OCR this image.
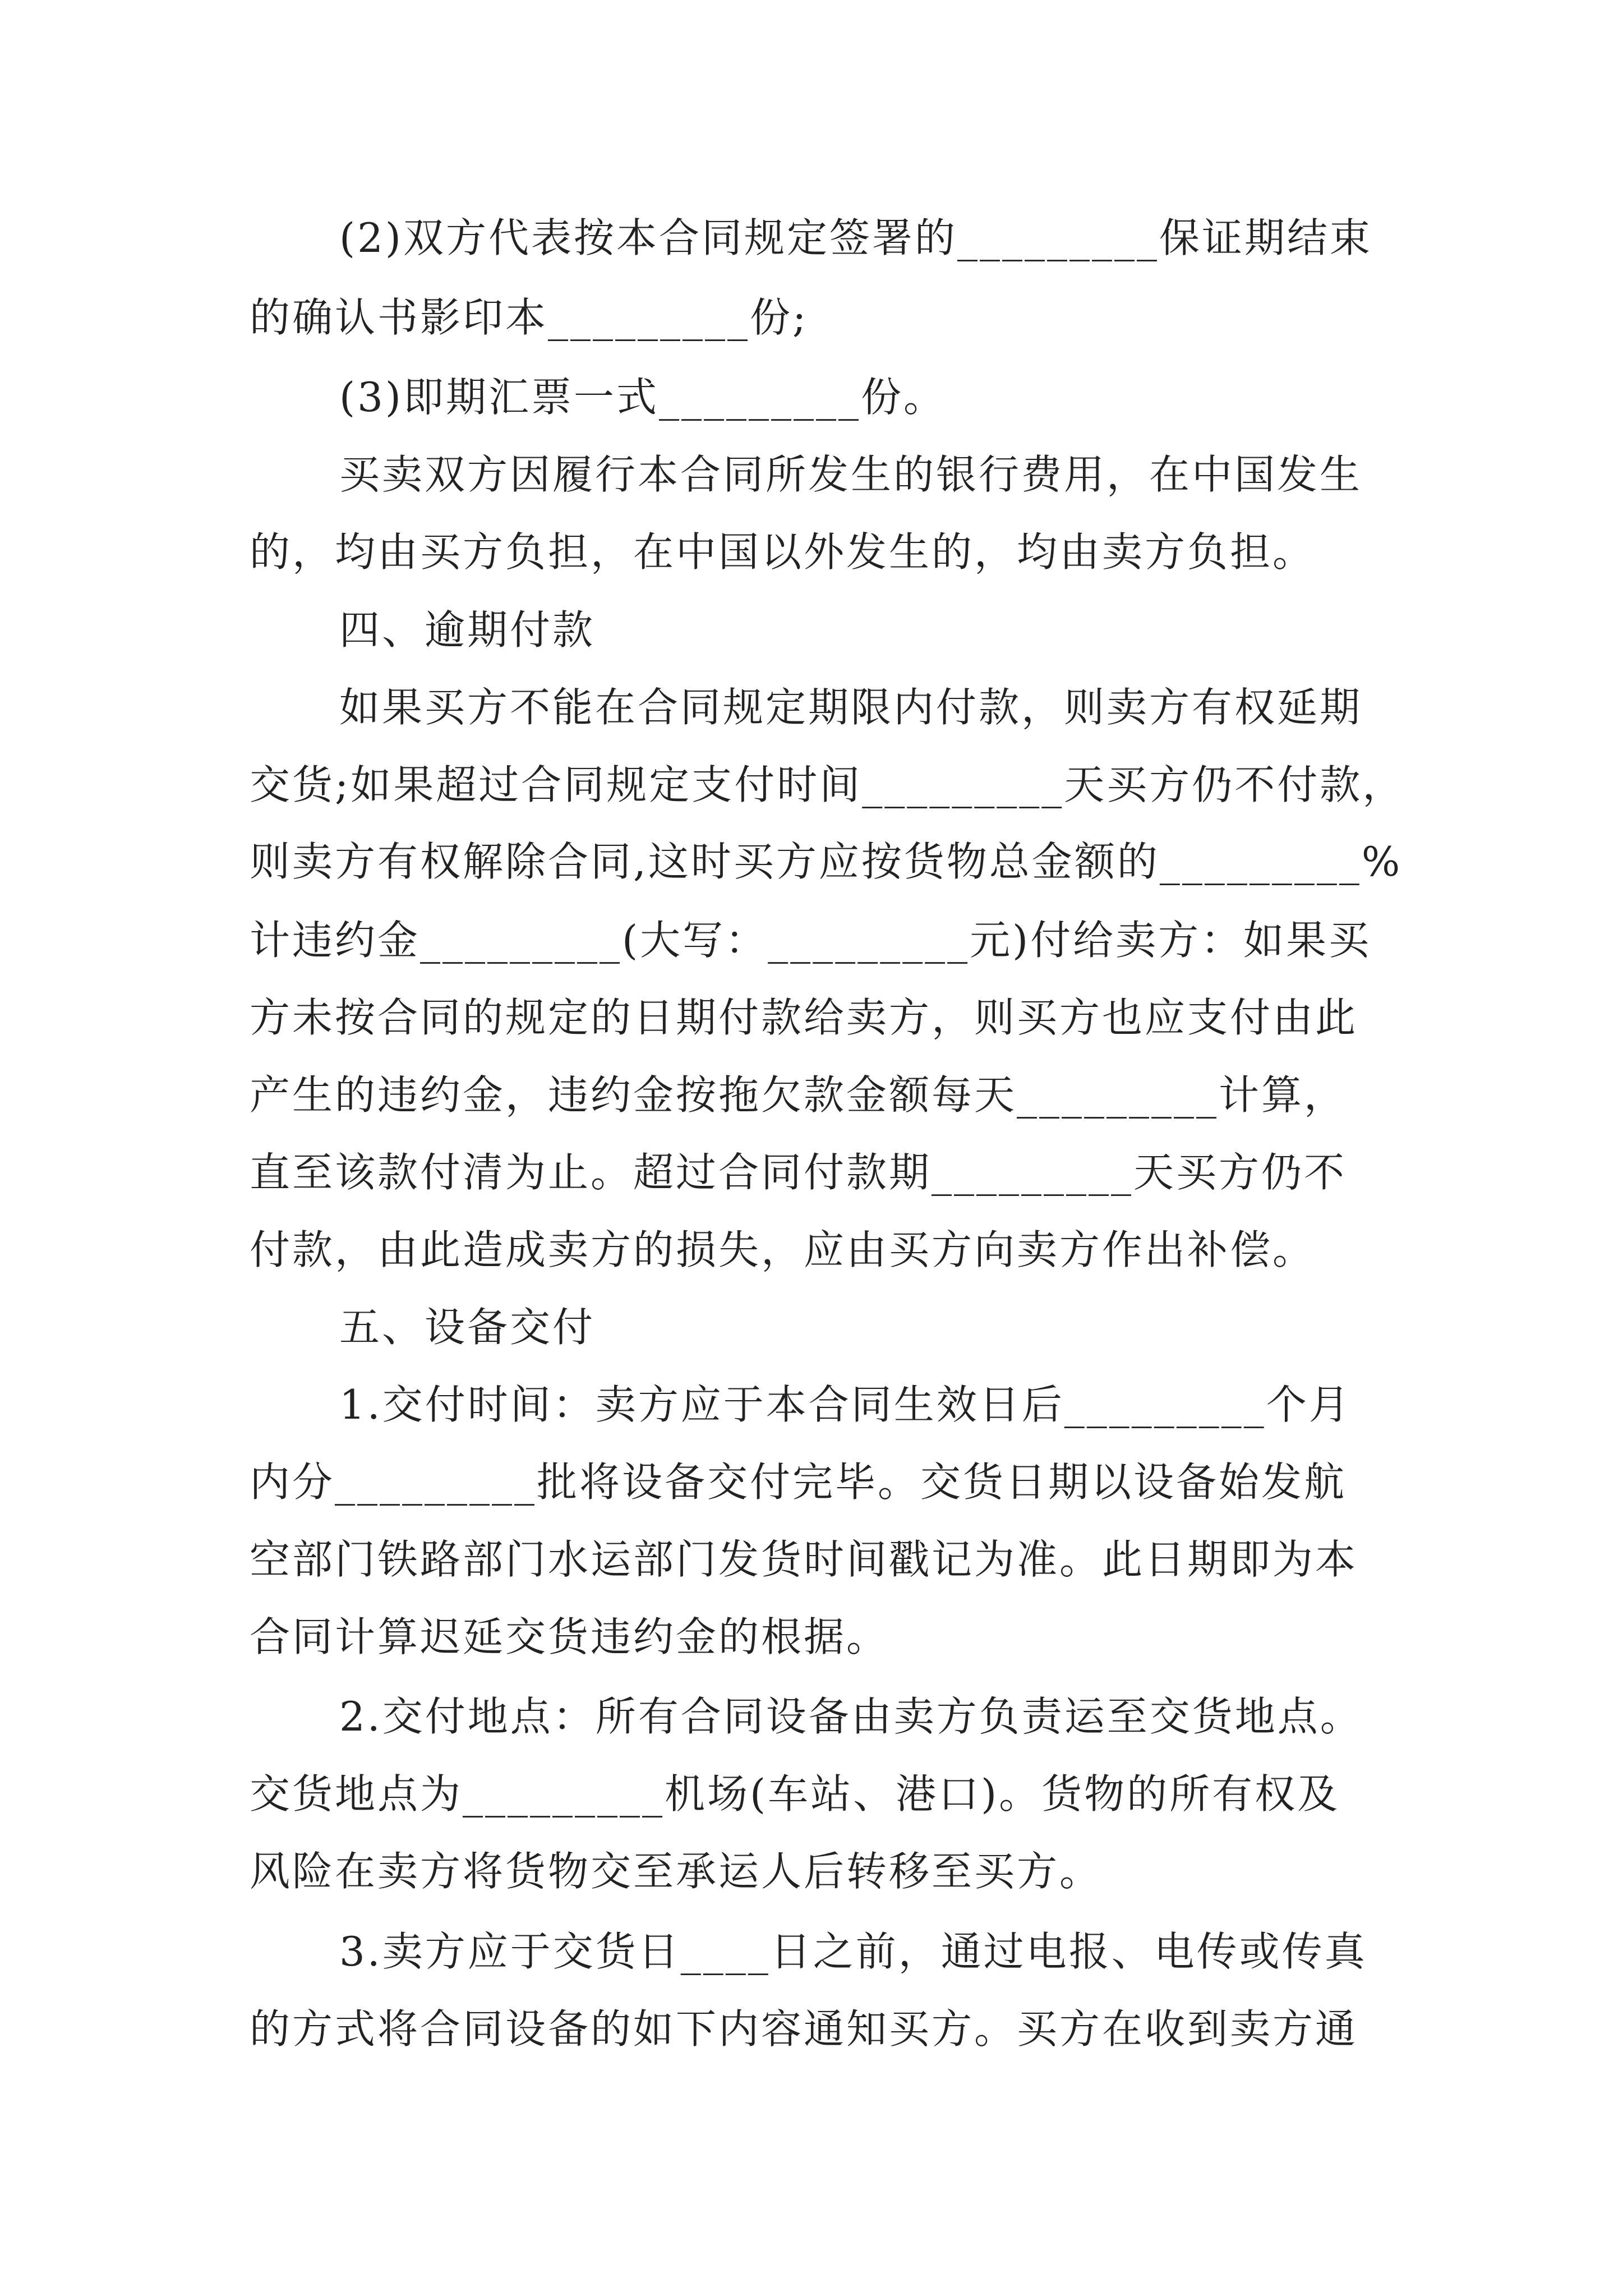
(2)双方代表按本合同规定签署的_________保证期结束
的确认书影印本_________份;
(3)即期汇票一式_________份。
买卖双方因履行本合同所发生的银行费用，在中国发生
的，均由买方负担，在中国以外发生的，均由卖方负担。
四、逾期付款
如果买方不能在合同规定期限内付款，则卖方有权延期
交货;如果超过合同规定支付时间_________天买方仍不付款，
则卖方有权解除合同,这时买方应按货物总金额的_________%
计违约金_________(大写：_________元)付给卖方：如果买
方未按合同的规定的日期付款给卖方，则买方也应支付由此
产生的违约金，违约金按拖欠款金额每天_________计算，
直至该款付清为止。超过合同付款期_________天买方仍不
付款，由此造成卖方的损失，应由买方向卖方作出补偿。
五、设备交付
1.交付时间：卖方应于本合同生效日后_________个月
内分_________批将设备交付完毕。交货日期以设备始发航
空部门铁路部门水运部门发货时间戳记为准。此日期即为本
合同计算迟延交货违约金的根据。
2.交付地点：所有合同设备由卖方负责运至交货地点。
交货地点为_________机场(车站、港口)。货物的所有权及
风险在卖方将货物交至承运人后转移至买方。
3.卖方应于交货日____日之前，通过电报、电传或传真
的方式将合同设备的如下内容通知买方。买方在收到卖方通
